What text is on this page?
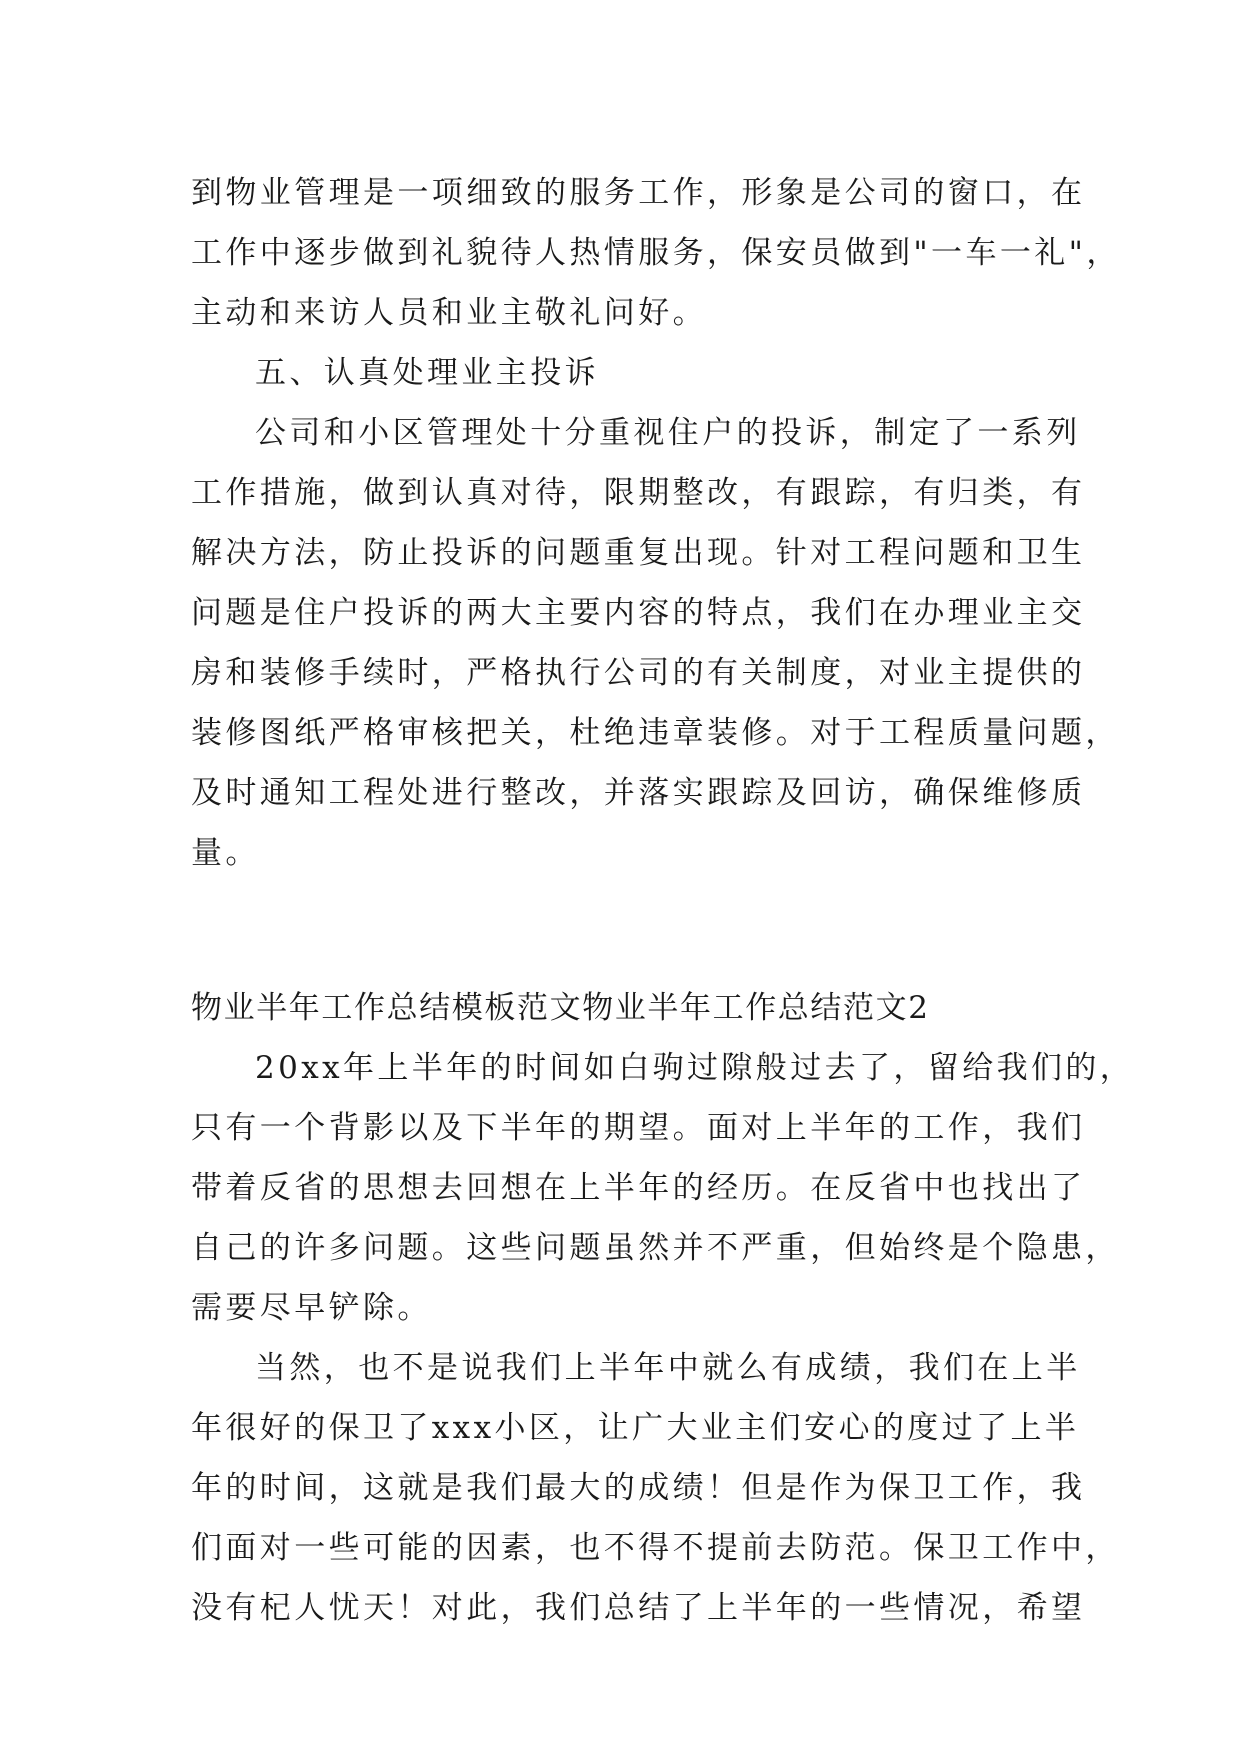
到物业管理是一项细致的服务工作，形象是公司的窗口，在
工作中逐步做到礼貌待人热情服务，保安员做到"一车一礼"，
主动和来访人员和业主敬礼问好。
五、认真处理业主投诉
公司和小区管理处十分重视住户的投诉，制定了一系列
工作措施，做到认真对待，限期整改，有跟踪，有归类，有
解决方法，防止投诉的问题重复出现。针对工程问题和卫生
问题是住户投诉的两大主要内容的特点，我们在办理业主交
房和装修手续时，严格执行公司的有关制度，对业主提供的
装修图纸严格审核把关，杜绝违章装修。对于工程质量问题，
及时通知工程处进行整改，并落实跟踪及回访，确保维修质
量。
物业半年工作总结模板范文物业半年工作总结范文2
20xx年上半年的时间如白驹过隙般过去了，留给我们的，
只有一个背影以及下半年的期望。面对上半年的工作，我们
带着反省的思想去回想在上半年的经历。在反省中也找出了
自己的许多问题。这些问题虽然并不严重，但始终是个隐患，
需要尽早铲除。
当然，也不是说我们上半年中就么有成绩，我们在上半
年很好的保卫了xxx小区，让广大业主们安心的度过了上半
年的时间，这就是我们最大的成绩！但是作为保卫工作，我
们面对一些可能的因素，也不得不提前去防范。保卫工作中，
没有杞人忧天！对此，我们总结了上半年的一些情况，希望
